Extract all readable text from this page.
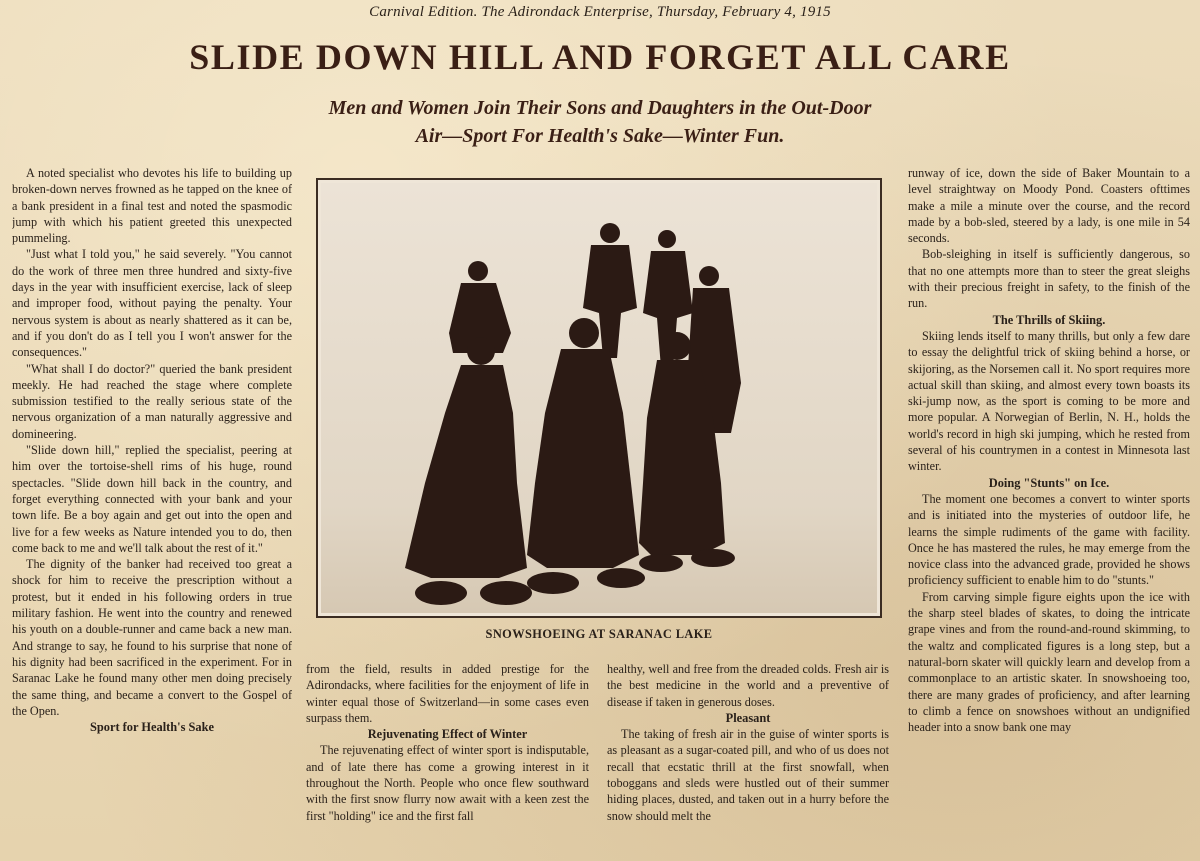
Carnival Edition. The Adirondack Enterprise, Thursday, February 4, 1915
SLIDE DOWN HILL AND FORGET ALL CARE
Men and Women Join Their Sons and Daughters in the Out-Door
Air—Sport For Health's Sake—Winter Fun.

A noted specialist who devotes his life to building up broken-down nerves frowned as he tapped on the knee of a bank president in a final test and noted the spasmodic jump with which his patient greeted this unexpected pummeling.

"Just what I told you," he said severely. "You cannot do the work of three men three hundred and sixty-five days in the year with insufficient exercise, lack of sleep and improper food, without paying the penalty. Your nervous system is about as nearly shattered as it can be, and if you don't do as I tell you I won't answer for the consequences."

"What shall I do doctor?" queried the bank president meekly. He had reached the stage where complete submission testified to the really serious state of the nervous organization of a man naturally aggressive and domineering.

"Slide down hill," replied the specialist, peering at him over the tortoise-shell rims of his huge, round spectacles. "Slide down hill back in the country, and forget everything connected with your bank and your town life. Be a boy again and get out into the open and live for a few weeks as Nature intended you to do, then come back to me and we'll talk about the rest of it."

The dignity of the banker had received too great a shock for him to receive the prescription without a protest, but it ended in his following orders in true military fashion. He went into the country and renewed his youth on a double-runner and came back a new man. And strange to say, he found to his surprise that none of his dignity had been sacrificed in the experiment. For in Saranac Lake he found many other men doing precisely the same thing, and became a convert to the Gospel of the Open.

Sport for Health's Sake
SNOWSHOEING AT SARANAC LAKE

from the field, results in added prestige for the Adirondacks, where facilities for the enjoyment of life in winter equal those of Switzerland—in some cases even surpass them.

Rejuvenating Effect of Winter

The rejuvenating effect of winter sport is indisputable, and of late there has come a growing interest in it throughout the North. People who once flew southward with the first snow flurry now await with a keen zest the first "holding" ice and the first fall

healthy, well and free from the dreaded colds. Fresh air is the best medicine in the world and a preventive of disease if taken in generous doses.

Pleasant

The taking of fresh air in the guise of winter sports is as pleasant as a sugar-coated pill, and who of us does not recall that ecstatic thrill at the first snowfall, when toboggans and sleds were hustled out of their summer hiding places, dusted, and taken out in a hurry before the snow should melt the

runway of ice, down the side of Baker Mountain to a level straightway on Moody Pond. Coasters ofttimes make a mile a minute over the course, and the record made by a bob-sled, steered by a lady, is one mile in 54 seconds.

Bob-sleighing in itself is sufficiently dangerous, so that no one attempts more than to steer the great sleighs with their precious freight in safety, to the finish of the run.

The Thrills of Skiing.

Skiing lends itself to many thrills, but only a few dare to essay the delightful trick of skiing behind a horse, or skijoring, as the Norsemen call it. No sport requires more actual skill than skiing, and almost every town boasts its ski-jump now, as the sport is coming to be more and more popular. A Norwegian of Berlin, N. H., holds the world's record in high ski jumping, which he rested from several of his countrymen in a contest in Minnesota last winter.

Doing "Stunts" on Ice.

The moment one becomes a convert to winter sports and is initiated into the mysteries of outdoor life, he learns the simple rudiments of the game with facility. Once he has mastered the rules, he may emerge from the novice class into the advanced grade, provided he shows proficiency sufficient to enable him to do "stunts."

From carving simple figure eights upon the ice with the sharp steel blades of skates, to doing the intricate grape vines and from the round-and-round skimming, to the waltz and complicated figures is a long step, but a natural-born skater will quickly learn and develop from a commonplace to an artistic skater. In snowshoeing too, there are many grades of proficiency, and after learning to climb a fence on snowshoes without an undignified header into a snow bank one may
